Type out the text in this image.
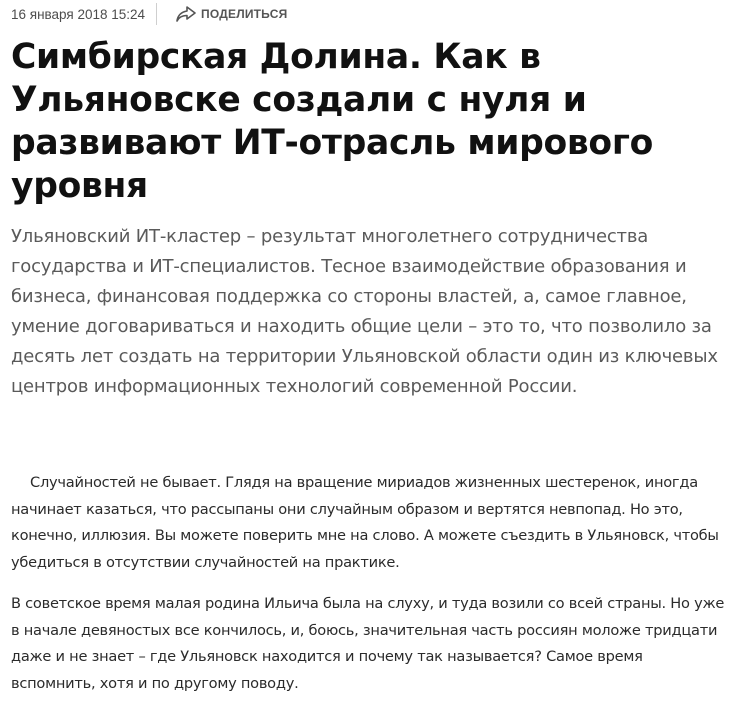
16 января 2018 15:24	ПОДЕЛИТЬСЯ
Симбирская Долина. Как в Ульяновске создали с нуля и развивают ИТ-отрасль мирового уровня

Ульяновский ИТ-кластер – результат многолетнего сотрудничества государства и ИТ-специалистов. Тесное взаимодействие образования и бизнеса, финансовая поддержка со стороны властей, а, самое главное, умение договариваться и находить общие цели – это то, что позволило за десять лет создать на территории Ульяновской области один из ключевых центров информационных технологий современной России.

Случайностей не бывает. Глядя на вращение мириадов жизненных шестеренок, иногда начинает казаться, что рассыпаны они случайным образом и вертятся невпопад. Но это, конечно, иллюзия. Вы можете поверить мне на слово. А можете съездить в Ульяновск, чтобы убедиться в отсутствии случайностей на практике.

В советское время малая родина Ильича была на слуху, и туда возили со всей страны. Но уже в начале девяностых все кончилось, и, боюсь, значительная часть россиян моложе тридцати даже и не знает – где Ульяновск находится и почему так называется? Самое время вспомнить, хотя и по другому поводу.
